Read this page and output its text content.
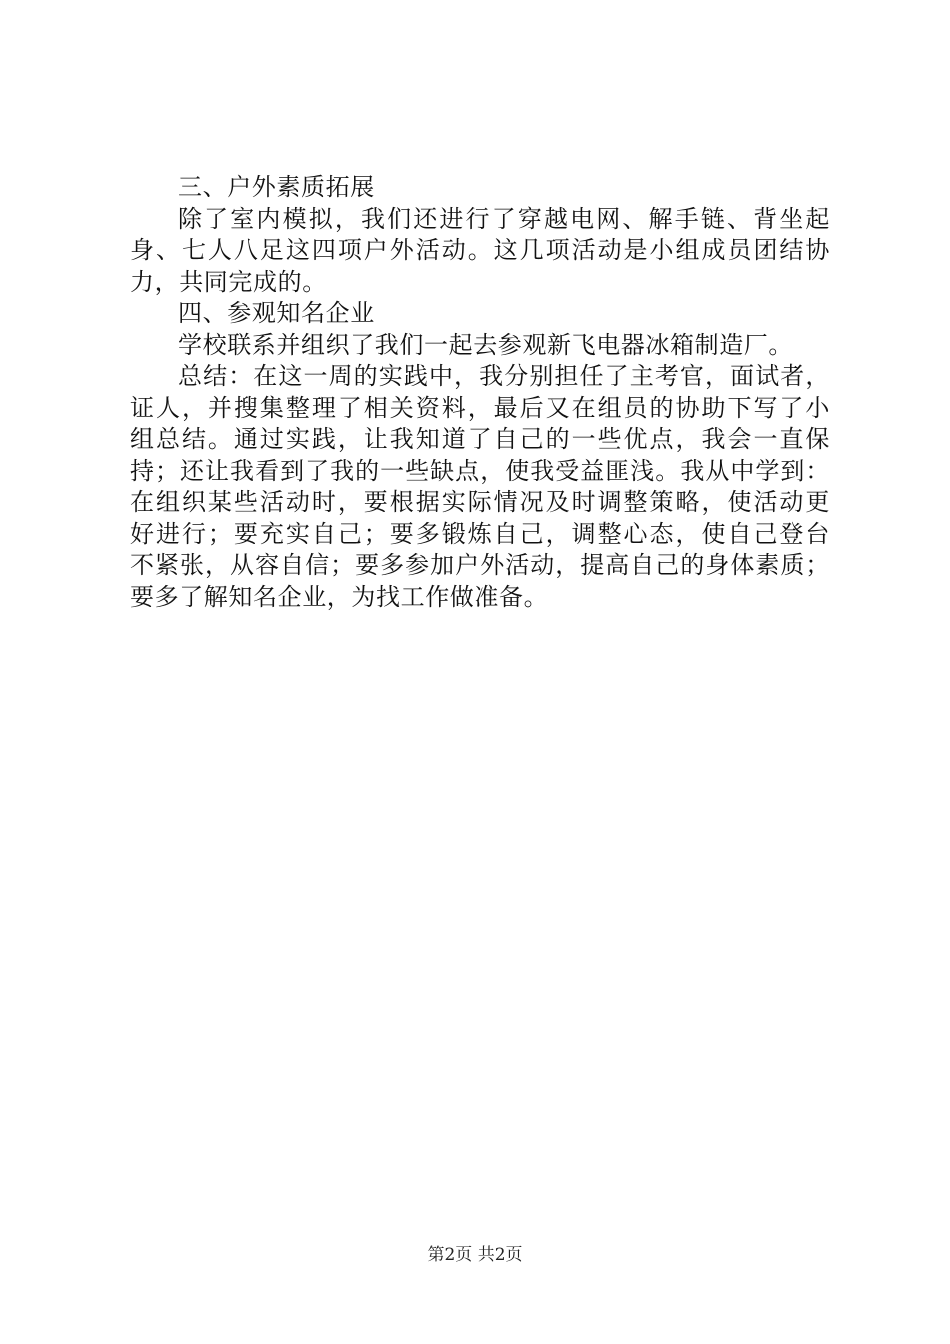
三、户外素质拓展
除了室内模拟，我们还进行了穿越电网、解手链、背坐起
身、七人八足这四项户外活动。这几项活动是小组成员团结协
力，共同完成的。
四、参观知名企业
学校联系并组织了我们一起去参观新飞电器冰箱制造厂。
总结：在这一周的实践中，我分别担任了主考官，面试者，
证人，并搜集整理了相关资料，最后又在组员的协助下写了小
组总结。通过实践，让我知道了自己的一些优点，我会一直保
持；还让我看到了我的一些缺点，使我受益匪浅。我从中学到：
在组织某些活动时，要根据实际情况及时调整策略，使活动更
好进行；要充实自己；要多锻炼自己，调整心态，使自己登台
不紧张，从容自信；要多参加户外活动，提高自己的身体素质；
要多了解知名企业，为找工作做准备。
第2页 共2页
